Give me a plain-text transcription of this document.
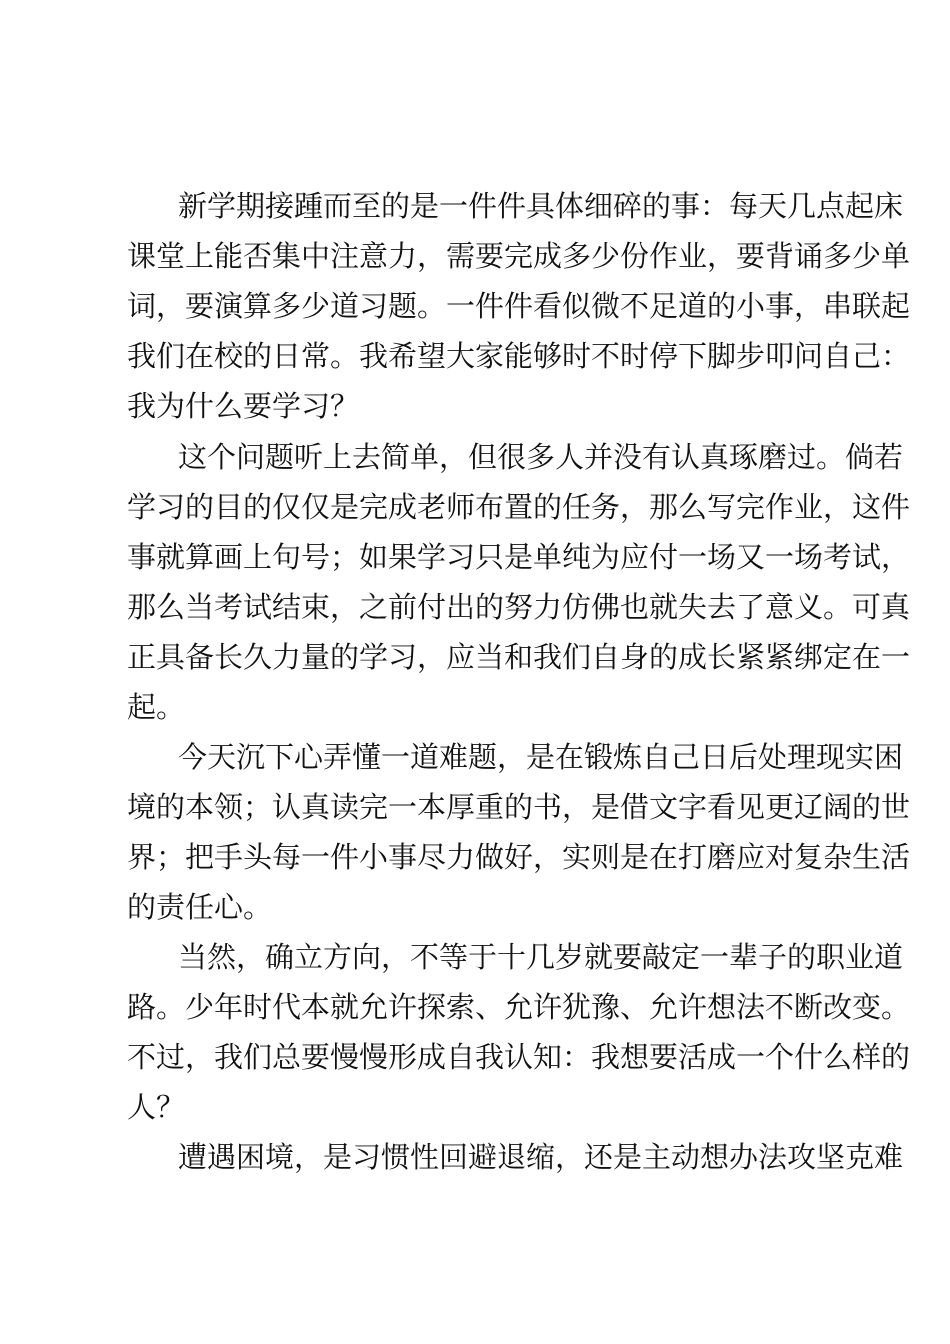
新学期接踵而至的是一件件具体细碎的事：每天几点起床
课堂上能否集中注意力，需要完成多少份作业，要背诵多少单
词，要演算多少道习题。一件件看似微不足道的小事，串联起
我们在校的日常。我希望大家能够时不时停下脚步叩问自己：
我为什么要学习？
这个问题听上去简单，但很多人并没有认真琢磨过。倘若
学习的目的仅仅是完成老师布置的任务，那么写完作业，这件
事就算画上句号；如果学习只是单纯为应付一场又一场考试，
那么当考试结束，之前付出的努力仿佛也就失去了意义。可真
正具备长久力量的学习，应当和我们自身的成长紧紧绑定在一
起。
今天沉下心弄懂一道难题，是在锻炼自己日后处理现实困
境的本领；认真读完一本厚重的书，是借文字看见更辽阔的世
界；把手头每一件小事尽力做好，实则是在打磨应对复杂生活
的责任心。
当然，确立方向，不等于十几岁就要敲定一辈子的职业道
路。少年时代本就允许探索、允许犹豫、允许想法不断改变。
不过，我们总要慢慢形成自我认知：我想要活成一个什么样的
人？
遭遇困境，是习惯性回避退缩，还是主动想办法攻坚克难
